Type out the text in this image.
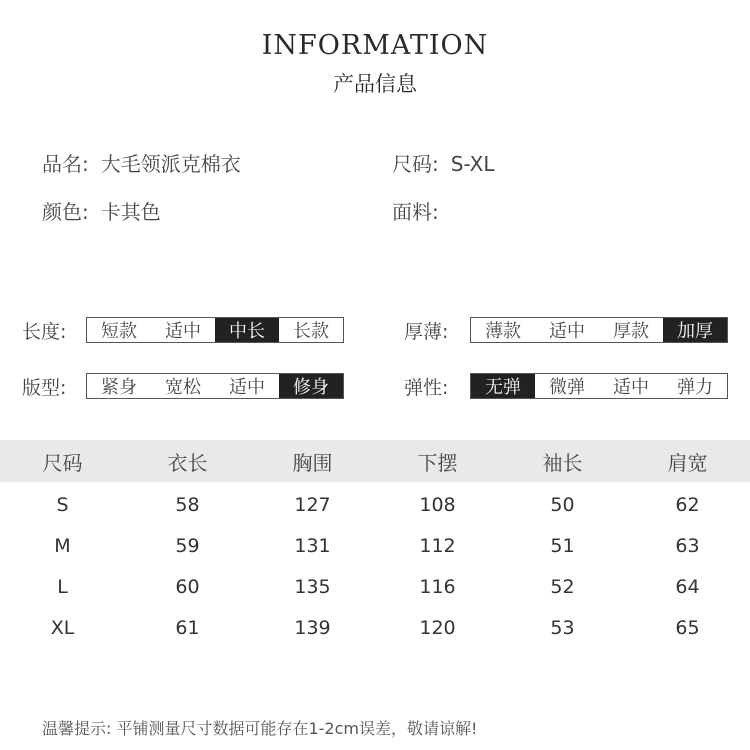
INFORMATION
产品信息
品名: 大毛领派克棉衣	尺码: S-XL
颜色: 卡其色	面料:
长度:	短款	适中	中长	长款	厚薄:	薄款	适中	厚款	加厚
版型:	紧身	宽松	适中	修身	弹性:	无弹	微弹	适中	弹力
尺码	衣长	胸围	下摆	袖长	肩宽
S	58	127	108	50	62
M	59	131	112	51	63
L	60	135	116	52	64
XL	61	139	120	53	65
温馨提示: 平铺测量尺寸数据可能存在1-2cm误差，敬请谅解!
